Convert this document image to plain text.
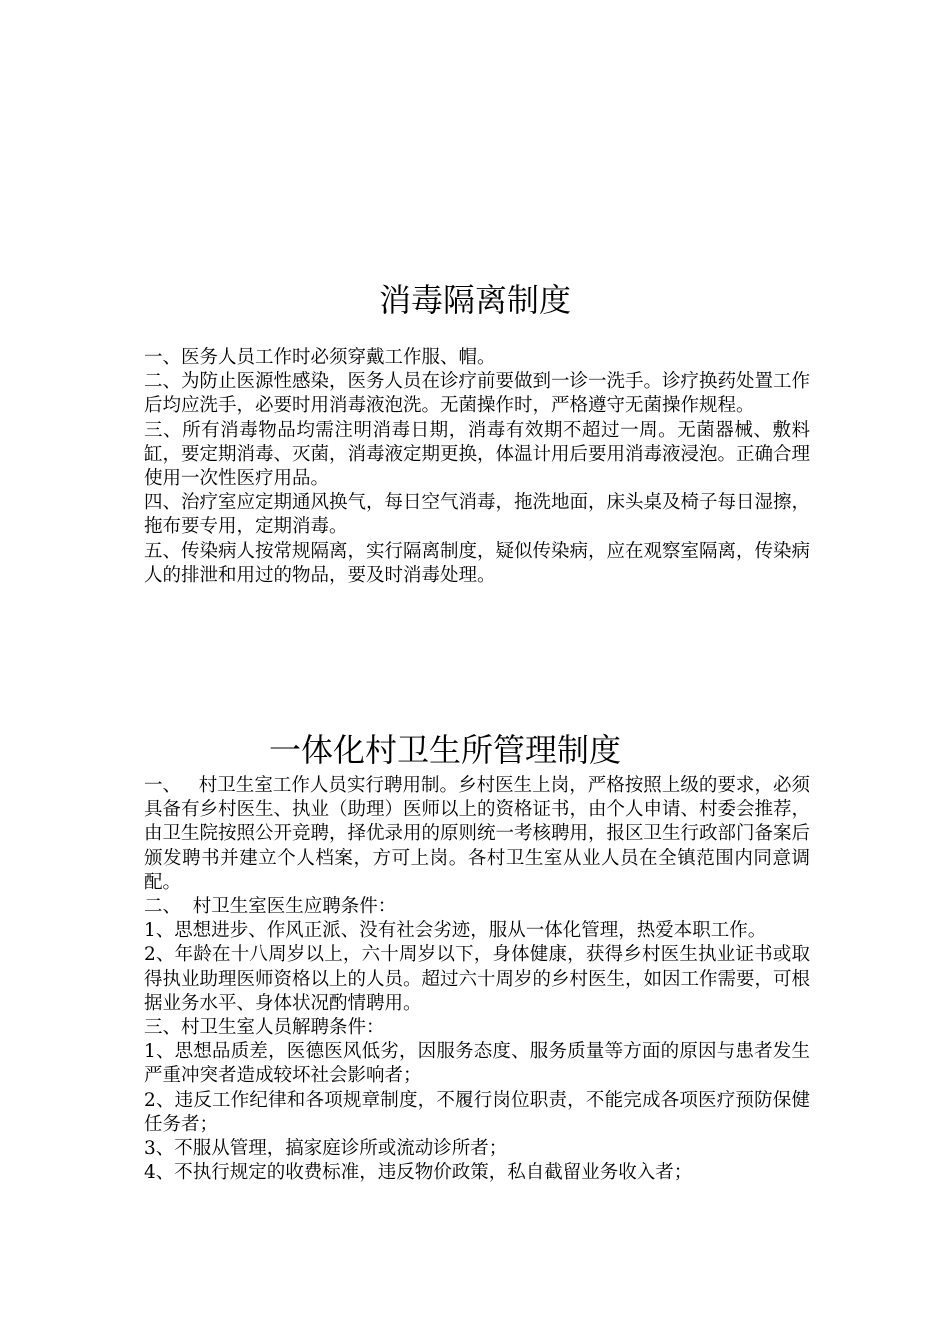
消毒隔离制度

一、医务人员工作时必须穿戴工作服、帽。

二、为防止医源性感染，医务人员在诊疗前要做到一诊一洗手。诊疗换药处置工作后均应洗手，必要时用消毒液泡洗。无菌操作时，严格遵守无菌操作规程。

三、所有消毒物品均需注明消毒日期，消毒有效期不超过一周。无菌器械、敷料缸，要定期消毒、灭菌，消毒液定期更换，体温计用后要用消毒液浸泡。正确合理使用一次性医疗用品。

四、治疗室应定期通风换气，每日空气消毒，拖洗地面，床头桌及椅子每日湿擦，拖布要专用，定期消毒。

五、传染病人按常规隔离，实行隔离制度，疑似传染病，应在观察室隔离，传染病人的排泄和用过的物品，要及时消毒处理。

一体化村卫生所管理制度

一、   村卫生室工作人员实行聘用制。乡村医生上岗，严格按照上级的要求，必须具备有乡村医生、执业（助理）医师以上的资格证书，由个人申请、村委会推荐，由卫生院按照公开竞聘，择优录用的原则统一考核聘用，报区卫生行政部门备案后颁发聘书并建立个人档案，方可上岗。各村卫生室从业人员在全镇范围内同意调配。

二、  村卫生室医生应聘条件：

1、思想进步、作风正派、没有社会劣迹，服从一体化管理，热爱本职工作。

2、年龄在十八周岁以上，六十周岁以下，身体健康，获得乡村医生执业证书或取得执业助理医师资格以上的人员。超过六十周岁的乡村医生，如因工作需要，可根据业务水平、身体状况酌情聘用。

三、村卫生室人员解聘条件：

1、思想品质差，医德医风低劣，因服务态度、服务质量等方面的原因与患者发生严重冲突者造成较坏社会影响者；

2、违反工作纪律和各项规章制度，不履行岗位职责，不能完成各项医疗预防保健任务者；

3、不服从管理，搞家庭诊所或流动诊所者；

4、不执行规定的收费标准，违反物价政策，私自截留业务收入者；
